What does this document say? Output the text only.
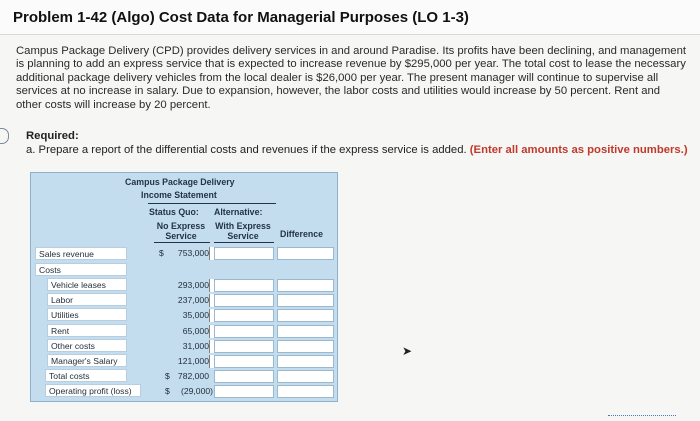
Problem 1-42 (Algo) Cost Data for Managerial Purposes (LO 1-3)
Campus Package Delivery (CPD) provides delivery services in and around Paradise. Its profits have been declining, and management is planning to add an express service that is expected to increase revenue by $295,000 per year. The total cost to lease the necessary additional package delivery vehicles from the local dealer is $26,000 per year. The present manager will continue to supervise all services at no increase in salary. Due to expansion, however, the labor costs and utilities would increase by 50 percent. Rent and other costs will increase by 20 percent.
Required:
a. Prepare a report of the differential costs and revenues if the express service is added. (Enter all amounts as positive numbers.)
Campus Package Delivery
Income Statement
Status Quo: Alternative:
No Express Service
With Express Service	Difference
Sales revenue	$	753,000
Costs
Vehicle leases	293,000
Labor	237,000
Utilities	35,000
Rent	65,000
Other costs	31,000
Manager's Salary	121,000
Total costs	$ 782,000
Operating profit (loss)	$	(29,000)
➤
